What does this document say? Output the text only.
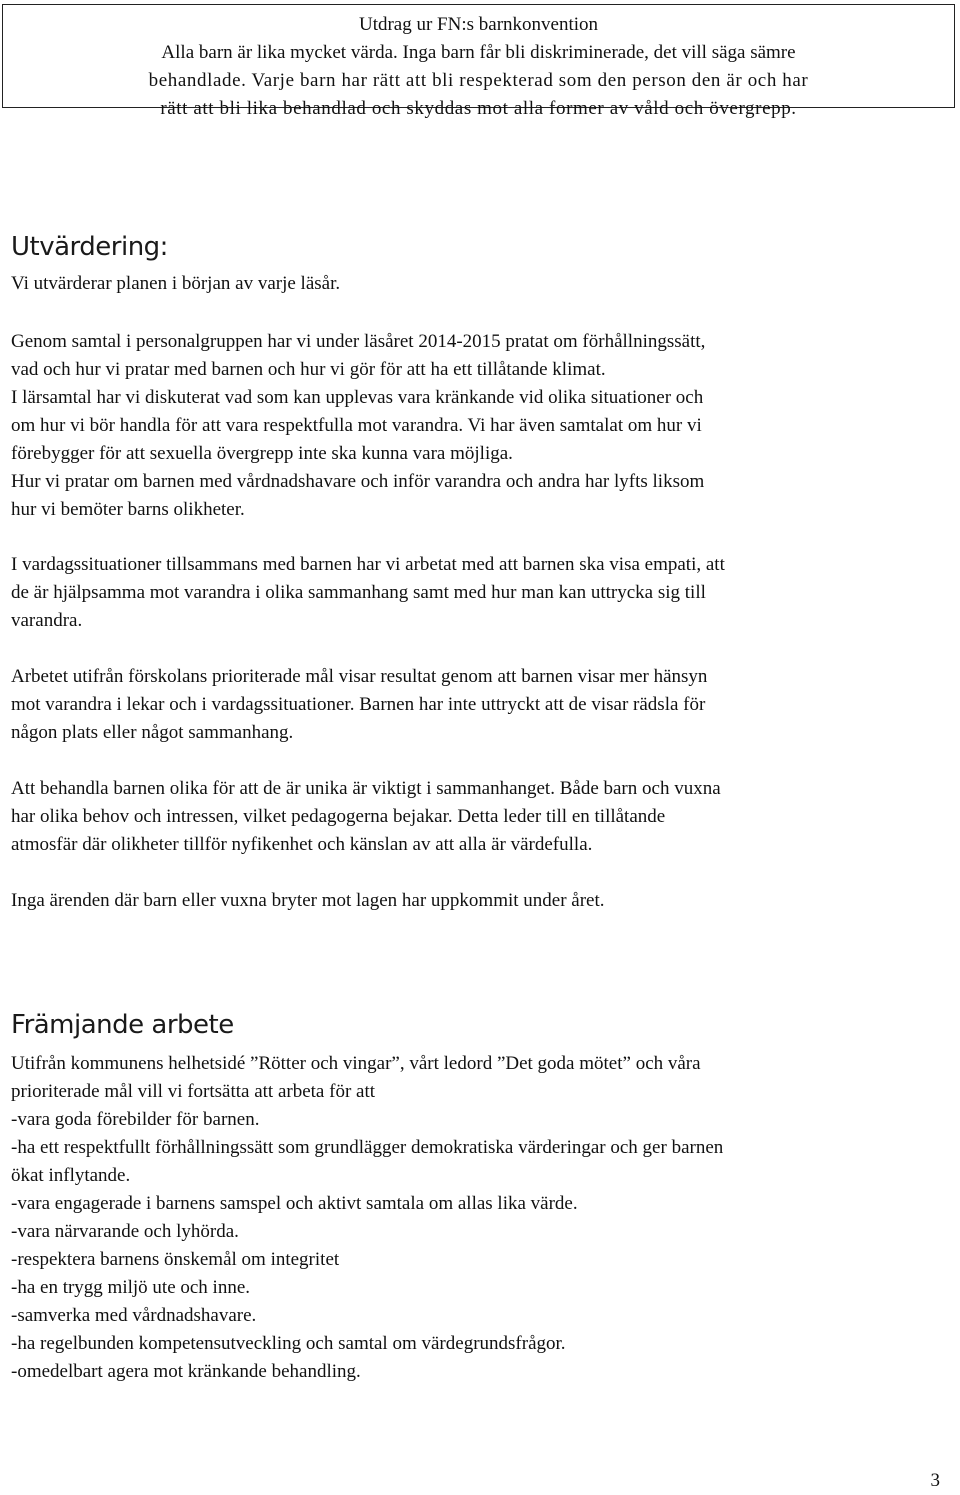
Utdrag ur FN:s barnkonvention
Alla barn är lika mycket värda. Inga barn får bli diskriminerade, det vill säga sämre
behandlade. Varje barn har rätt att bli respekterad som den person den är och har
rätt att bli lika behandlad och skyddas mot alla former av våld och övergrepp.
Utvärdering:
Vi utvärderar planen i början av varje läsår.
Genom samtal i personalgruppen har vi under läsåret 2014-2015 pratat om förhållningssätt,
vad och hur vi pratar med barnen och hur vi gör för att ha ett tillåtande klimat.
I lärsamtal har vi diskuterat vad som kan upplevas vara kränkande vid olika situationer och
om hur vi bör handla för att vara respektfulla mot varandra. Vi har även samtalat om hur vi
förebygger för att sexuella övergrepp inte ska kunna vara möjliga.
Hur vi pratar om barnen med vårdnadshavare och inför varandra och andra har lyfts liksom
hur vi bemöter barns olikheter.
I vardagssituationer tillsammans med barnen har vi arbetat med att barnen ska visa empati, att
de är hjälpsamma mot varandra i olika sammanhang samt med hur man kan uttrycka sig till
varandra.
Arbetet utifrån förskolans prioriterade mål visar resultat genom att barnen visar mer hänsyn
mot varandra i lekar och i vardagssituationer. Barnen har inte uttryckt att de visar rädsla för
någon plats eller något sammanhang.
Att behandla barnen olika för att de är unika är viktigt i sammanhanget. Både barn och vuxna
har olika behov och intressen, vilket pedagogerna bejakar. Detta leder till en tillåtande
atmosfär där olikheter tillför nyfikenhet och känslan av att alla är värdefulla.
Inga ärenden där barn eller vuxna bryter mot lagen har uppkommit under året.
Främjande arbete
Utifrån kommunens helhetsidé ”Rötter och vingar”, vårt ledord ”Det goda mötet” och våra
prioriterade mål vill vi fortsätta att arbeta för att
-vara goda förebilder för barnen.
-ha ett respektfullt förhållningssätt som grundlägger demokratiska värderingar och ger barnen
ökat inflytande.
-vara engagerade i barnens samspel och aktivt samtala om allas lika värde.
-vara närvarande och lyhörda.
-respektera barnens önskemål om integritet
-ha en trygg miljö ute och inne.
-samverka med vårdnadshavare.
-ha regelbunden kompetensutveckling och samtal om värdegrundsfrågor.
-omedelbart agera mot kränkande behandling.
3
